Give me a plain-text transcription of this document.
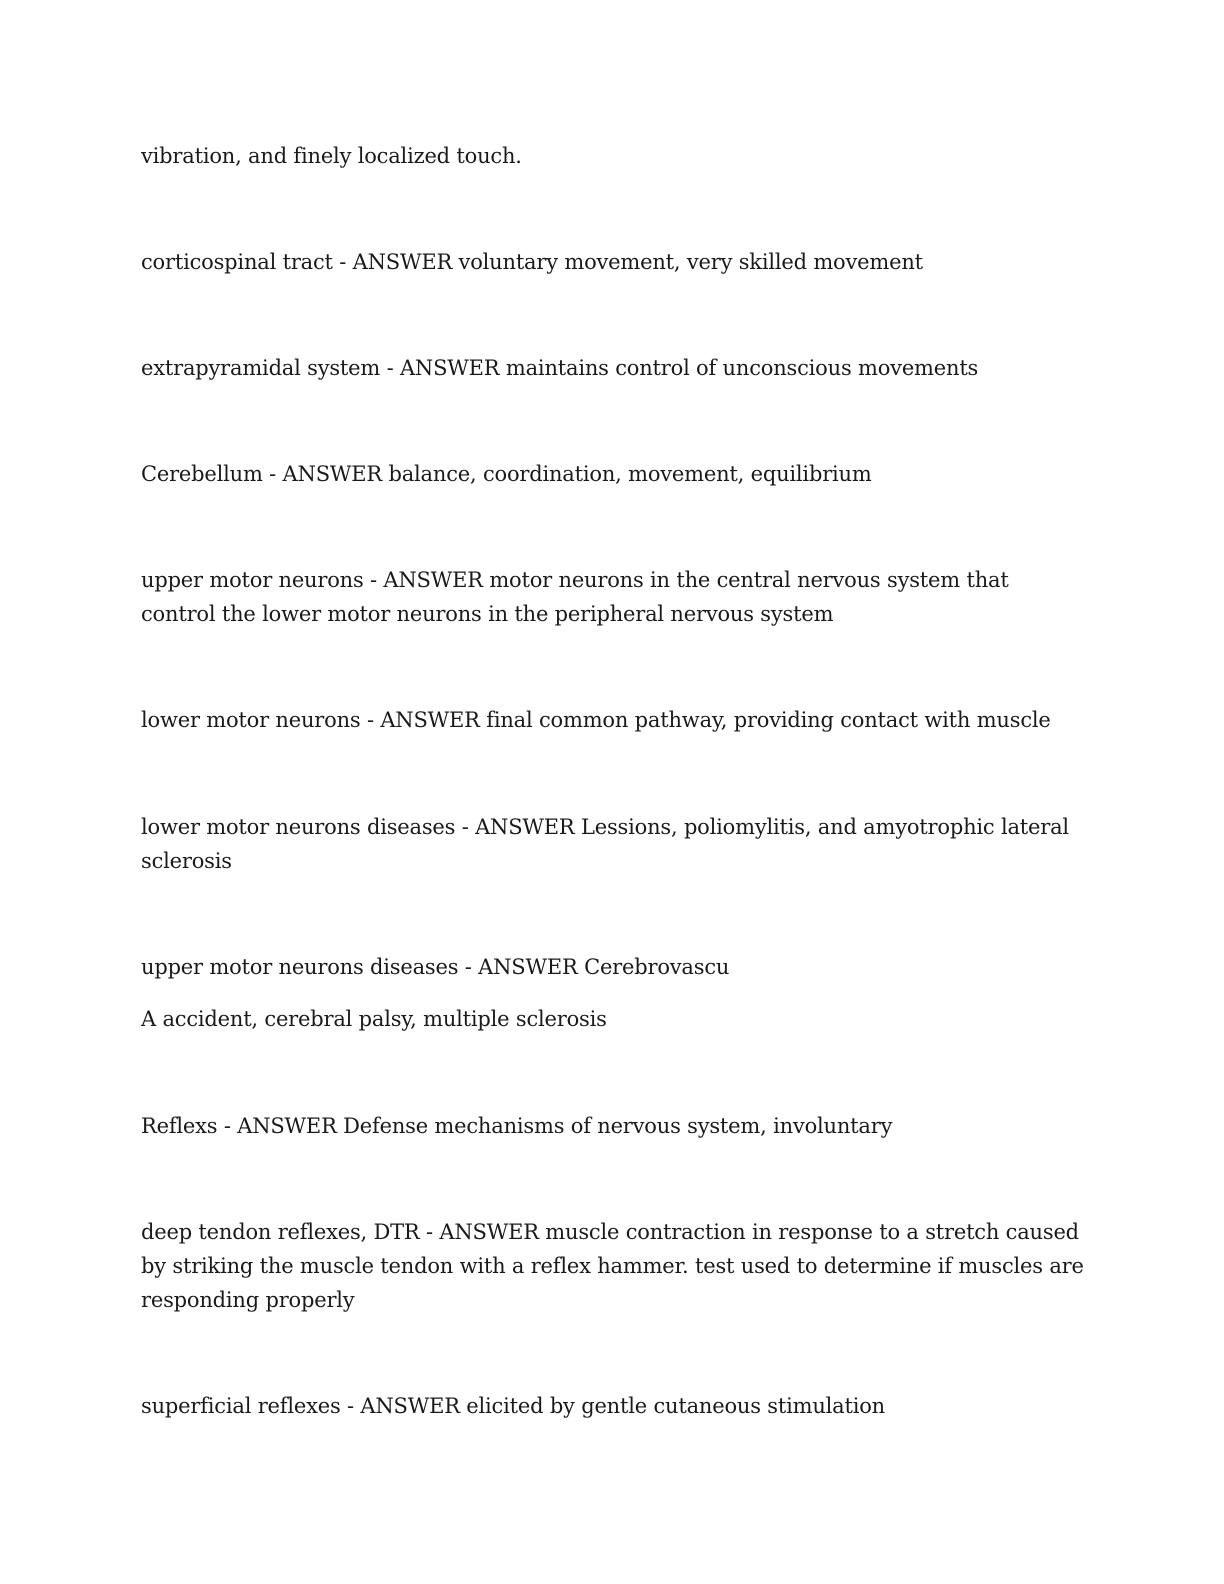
vibration, and finely localized touch.
corticospinal tract - ANSWER voluntary movement, very skilled movement
extrapyramidal system - ANSWER maintains control of unconscious movements
Cerebellum - ANSWER balance, coordination, movement, equilibrium
upper motor neurons - ANSWER motor neurons in the central nervous system that
control the lower motor neurons in the peripheral nervous system
lower motor neurons - ANSWER final common pathway, providing contact with muscle
lower motor neurons diseases - ANSWER Lessions, poliomylitis, and amyotrophic lateral
sclerosis
upper motor neurons diseases - ANSWER Cerebrovascu
A accident, cerebral palsy, multiple sclerosis
Reflexs - ANSWER Defense mechanisms of nervous system, involuntary
deep tendon reflexes, DTR - ANSWER muscle contraction in response to a stretch caused
by striking the muscle tendon with a reflex hammer. test used to determine if muscles are
responding properly
superficial reflexes - ANSWER elicited by gentle cutaneous stimulation
